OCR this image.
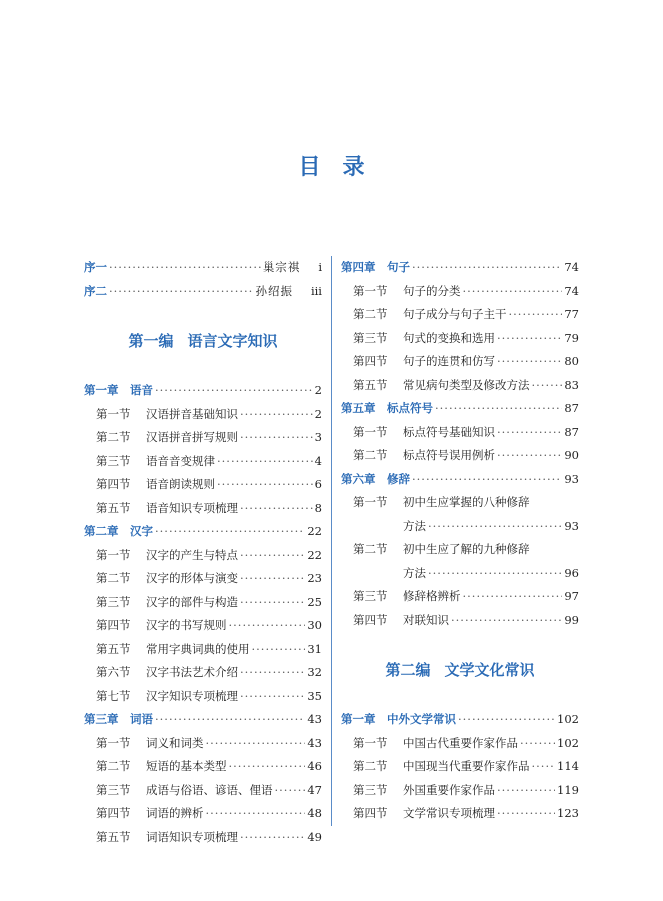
目 录
序一 ·····	巢宗祺 i
序二 ·····	孙绍振 iii
第一编 语言文字知识
第一章　语音 ·····	2
第一节 汉语拼音基础知识 ·····	2
第二节 汉语拼音拼写规则 ·····	3
第三节 语音音变规律 ·····	4
第四节 语音朗读规则 ·····	6
第五节 语音知识专项梳理 ·····	8
第二章　汉字 ·····	22
第一节 汉字的产生与特点 ·····	22
第二节 汉字的形体与演变 ·····	23
第三节 汉字的部件与构造 ·····	25
第四节 汉字的书写规则 ·····	30
第五节 常用字典词典的使用 ·····	31
第六节 汉字书法艺术介绍 ·····	32
第七节 汉字知识专项梳理 ·····	35
第三章　词语 ·····	43
第一节 词义和词类 ·····	43
第二节 短语的基本类型 ·····	46
第三节 成语与俗语、谚语、俚语 ·····	47
第四节 词语的辨析 ·····	48
第五节 词语知识专项梳理 ·····	49
第四章　句子 ·····	74
第一节 句子的分类 ·····	74
第二节 句子成分与句子主干 ·····	77
第三节 句式的变换和选用 ·····	79
第四节 句子的连贯和仿写 ·····	80
第五节 常见病句类型及修改方法 ·····	83
第五章　标点符号 ·····	87
第一节 标点符号基础知识 ·····	87
第二节 标点符号误用例析 ·····	90
第六章　修辞 ·····	93
第一节 初中生应掌握的八种修辞
方法 ·····	93
第二节 初中生应了解的九种修辞
方法 ·····	96
第三节 修辞格辨析 ·····	97
第四节 对联知识 ·····	99
第二编 文学文化常识
第一章　中外文学常识 ·····	102
第一节 中国古代重要作家作品 ·····	102
第二节 中国现当代重要作家作品 ····· 114
第三节 外国重要作家作品 ·····	119
第四节 文学常识专项梳理 ·····	123
